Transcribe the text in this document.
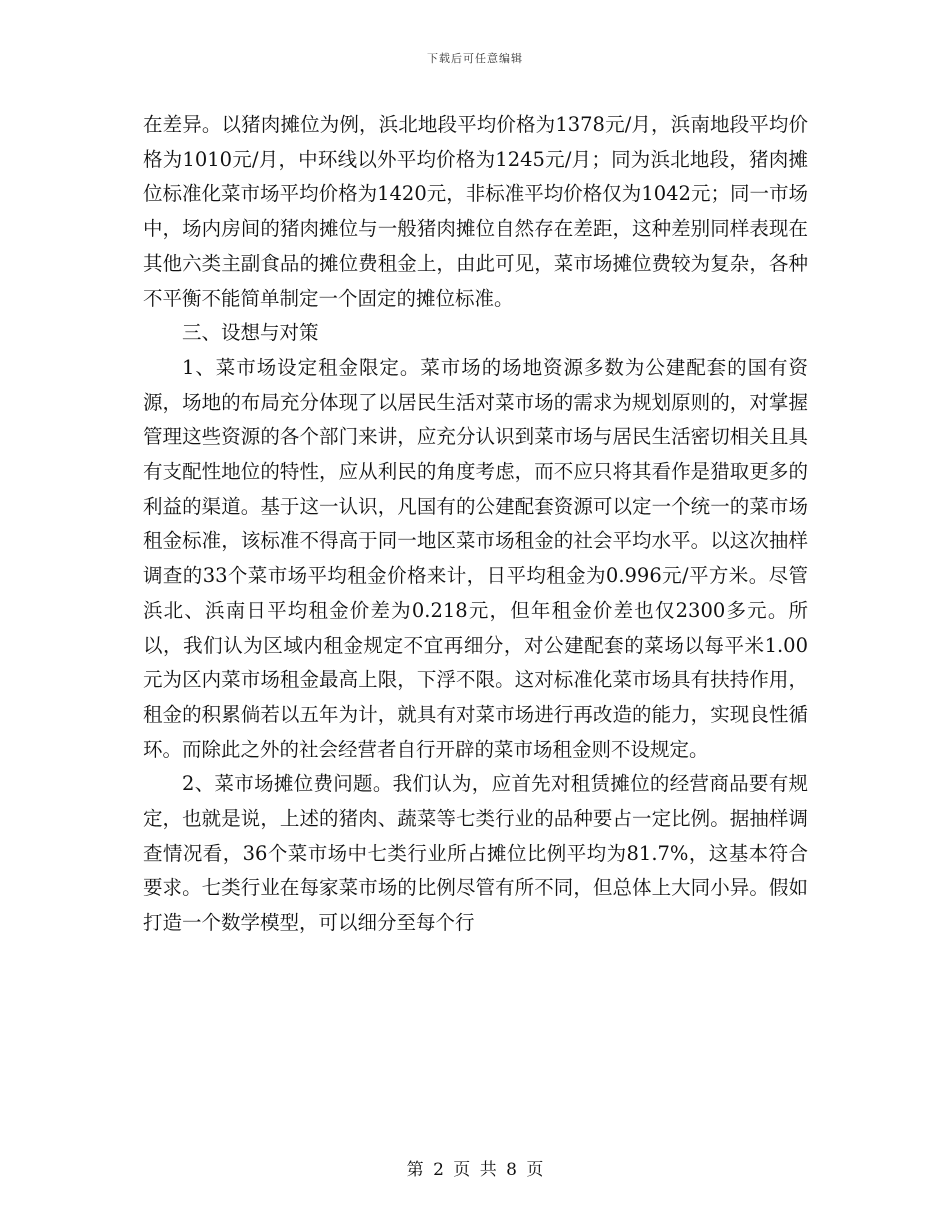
下载后可任意编辑

在差异。以猪肉摊位为例，浜北地段平均价格为1378元/月，浜南地段平均价格为1010元/月，中环线以外平均价格为1245元/月；同为浜北地段，猪肉摊位标准化菜市场平均价格为1420元，非标准平均价格仅为1042元；同一市场中，场内房间的猪肉摊位与一般猪肉摊位自然存在差距，这种差别同样表现在其他六类主副食品的摊位费租金上，由此可见，菜市场摊位费较为复杂，各种不平衡不能简单制定一个固定的摊位标准。

三、设想与对策

1、菜市场设定租金限定。菜市场的场地资源多数为公建配套的国有资源，场地的布局充分体现了以居民生活对菜市场的需求为规划原则的，对掌握管理这些资源的各个部门来讲，应充分认识到菜市场与居民生活密切相关且具有支配性地位的特性，应从利民的角度考虑，而不应只将其看作是猎取更多的利益的渠道。基于这一认识，凡国有的公建配套资源可以定一个统一的菜市场租金标准，该标准不得高于同一地区菜市场租金的社会平均水平。以这次抽样调查的33个菜市场平均租金价格来计，日平均租金为0.996元/平方米。尽管浜北、浜南日平均租金价差为0.218元，但年租金价差也仅2300多元。所以，我们认为区域内租金规定不宜再细分，对公建配套的菜场以每平米1.00元为区内菜市场租金最高上限，下浮不限。这对标准化菜市场具有扶持作用，租金的积累倘若以五年为计，就具有对菜市场进行再改造的能力，实现良性循环。而除此之外的社会经营者自行开辟的菜市场租金则不设规定。

2、菜市场摊位费问题。我们认为，应首先对租赁摊位的经营商品要有规定，也就是说，上述的猪肉、蔬菜等七类行业的品种要占一定比例。据抽样调查情况看，36个菜市场中七类行业所占摊位比例平均为81.7%，这基本符合要求。七类行业在每家菜市场的比例尽管有所不同，但总体上大同小异。假如打造一个数学模型，可以细分至每个行

第 2 页 共 8 页
